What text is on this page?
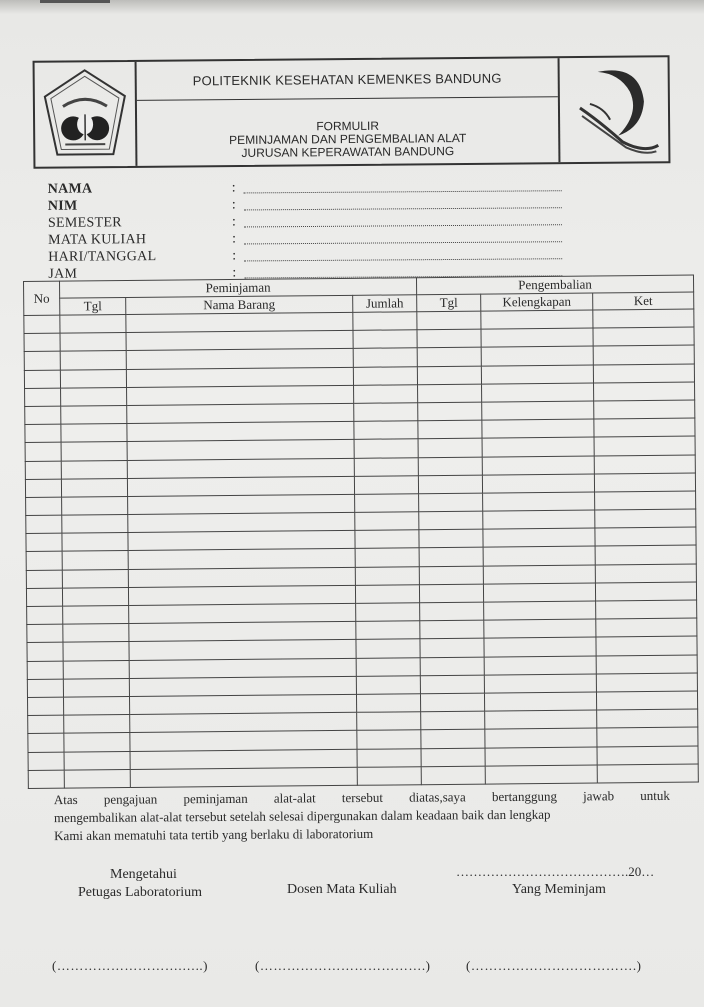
POLITEKNIK KESEHATAN KEMENKES BANDUNG
FORMULIR
PEMINJAMAN DAN PENGEMBALIAN ALAT
JURUSAN KEPERAWATAN BANDUNG
NAMA	:
NIM	:
SEMESTER	:
MATA KULIAH	:
HARI/TANGGAL	:
JAM	:
No	Peminjaman			Pengembalian		
	Tgl	Nama Barang	Jumlah	Tgl	Kelengkapan	Ket

Atas pengajuan peminjaman alat-alat tersebut diatas,saya bertanggung jawab untuk
mengembalikan alat-alat tersebut setelah selesai dipergunakan dalam keadaan baik dan lengkap
Kami akan mematuhi tata tertib yang berlaku di laboratorium
Mengetahui
Petugas Laboratorium	Dosen Mata Kuliah
………………………………….20…
Yang Meminjam
(……………………….…..)	(……………………………….)	(……………………………….)
